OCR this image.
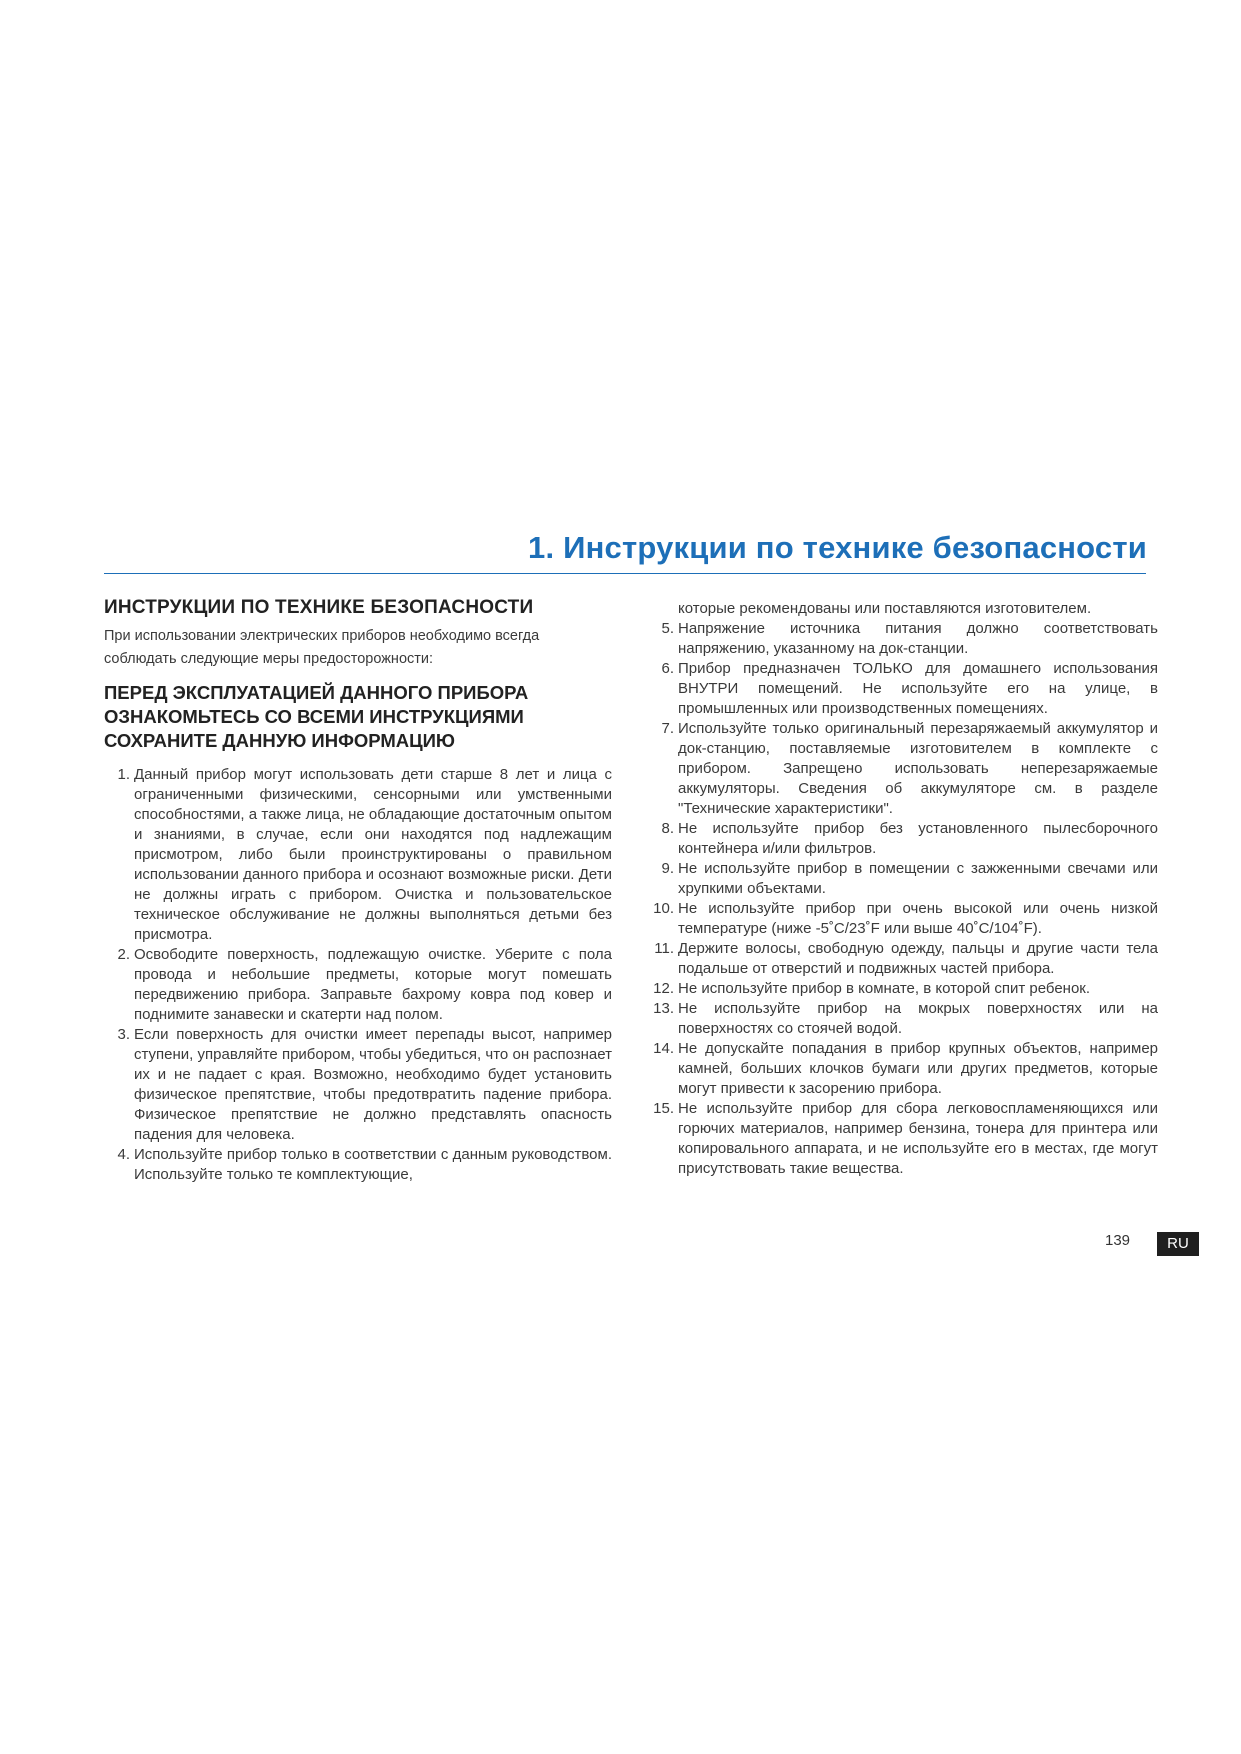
1. Инструкции по технике безопасности
ИНСТРУКЦИИ ПО ТЕХНИКЕ БЕЗОПАСНОСТИ

При использовании электрических приборов необходимо всегда соблюдать следующие меры предосторожности:

ПЕРЕД ЭКСПЛУАТАЦИЕЙ ДАННОГО ПРИБОРА
ОЗНАКОМЬТЕСЬ СО ВСЕМИ ИНСТРУКЦИЯМИ
СОХРАНИТЕ ДАННУЮ ИНФОРМАЦИЮ
1. Данный прибор могут использовать дети старше 8 лет и лица с ограниченными физическими, сенсорными или умственными способностями, а также лица, не обладающие достаточным опытом и знаниями, в случае, если они находятся под надлежащим присмотром, либо были проинструктированы о правильном использовании данного прибора и осознают возможные риски. Дети не должны играть с прибором. Очистка и пользовательское техническое обслуживание не должны выполняться детьми без присмотра.
2. Освободите поверхность, подлежащую очистке. Уберите с пола провода и небольшие предметы, которые могут помешать передвижению прибора. Заправьте бахрому ковра под ковер и поднимите занавески и скатерти над полом.
3. Если поверхность для очистки имеет перепады высот, например ступени, управляйте прибором, чтобы убедиться, что он распознает их и не падает с края. Возможно, необходимо будет установить физическое препятствие, чтобы предотвратить падение прибора. Физическое препятствие не должно представлять опасность падения для человека.
4. Используйте прибор только в соответствии с данным руководством. Используйте только те комплектующие,

которые рекомендованы или поставляются изготовителем.

5. Напряжение источника питания должно соответствовать напряжению, указанному на док-станции.
6. Прибор предназначен ТОЛЬКО для домашнего использования ВНУТРИ помещений. Не используйте его на улице, в промышленных или производственных помещениях.
7. Используйте только оригинальный перезаряжаемый аккумулятор и док-станцию, поставляемые изготовителем в комплекте с прибором. Запрещено использовать неперезаряжаемые аккумуляторы. Сведения об аккумуляторе см. в разделе "Технические характеристики".
8. Не используйте прибор без установленного пылесборочного контейнера и/или фильтров.
9. Не используйте прибор в помещении с зажженными свечами или хрупкими объектами.
10. Не используйте прибор при очень высокой или очень низкой температуре (ниже -5˚C/23˚F или выше 40˚C/104˚F).
11. Держите волосы, свободную одежду, пальцы и другие части тела подальше от отверстий и подвижных частей прибора.
12. Не используйте прибор в комнате, в которой спит ребенок.
13. Не используйте прибор на мокрых поверхностях или на поверхностях со стоячей водой.
14. Не допускайте попадания в прибор крупных объектов, например камней, больших клочков бумаги или других предметов, которые могут привести к засорению прибора.
15. Не используйте прибор для сбора легковоспламеняющихся или горючих материалов, например бензина, тонера для принтера или копировального аппарата, и не используйте его в местах, где могут присутствовать такие вещества.
139	RU
